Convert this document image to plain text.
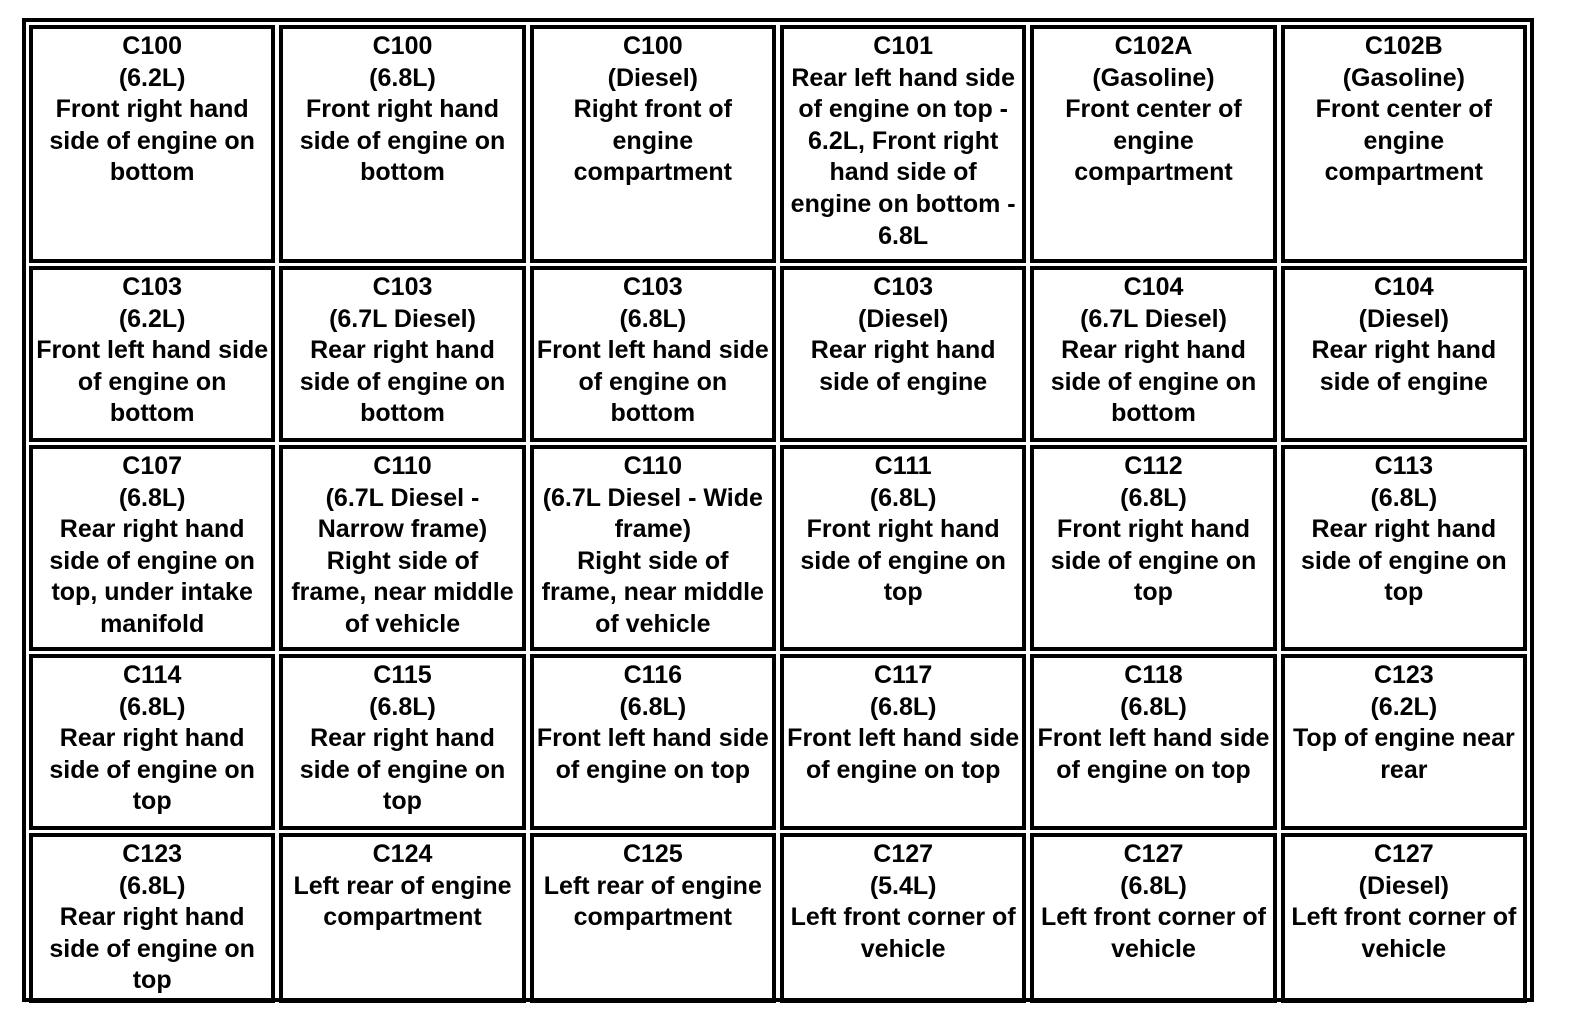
C100
(6.2L)
Front right hand side of engine on bottom
C100
(6.8L)
Front right hand side of engine on bottom
C100
(Diesel)
Right front of engine compartment
C101
Rear left hand side of engine on top - 6.2L, Front right hand side of engine on bottom - 6.8L
C102A
(Gasoline)
Front center of engine compartment
C102B
(Gasoline)
Front center of engine compartment
C103
(6.2L)
Front left hand side of engine on bottom
C103
(6.7L Diesel)
Rear right hand side of engine on bottom
C103
(6.8L)
Front left hand side of engine on bottom
C103
(Diesel)
Rear right hand side of engine
C104
(6.7L Diesel)
Rear right hand side of engine on bottom
C104
(Diesel)
Rear right hand side of engine
C107
(6.8L)
Rear right hand side of engine on top, under intake manifold
C110
(6.7L Diesel - Narrow frame)
Right side of frame, near middle of vehicle
C110
(6.7L Diesel - Wide frame)
Right side of frame, near middle of vehicle
C111
(6.8L)
Front right hand side of engine on top
C112
(6.8L)
Front right hand side of engine on top
C113
(6.8L)
Rear right hand side of engine on top
C114
(6.8L)
Rear right hand side of engine on top
C115
(6.8L)
Rear right hand side of engine on top
C116
(6.8L)
Front left hand side of engine on top
C117
(6.8L)
Front left hand side of engine on top
C118
(6.8L)
Front left hand side of engine on top
C123
(6.2L)
Top of engine near rear
C123
(6.8L)
Rear right hand side of engine on top
C124
Left rear of engine compartment
C125
Left rear of engine compartment
C127
(5.4L)
Left front corner of vehicle
C127
(6.8L)
Left front corner of vehicle
C127
(Diesel)
Left front corner of vehicle
